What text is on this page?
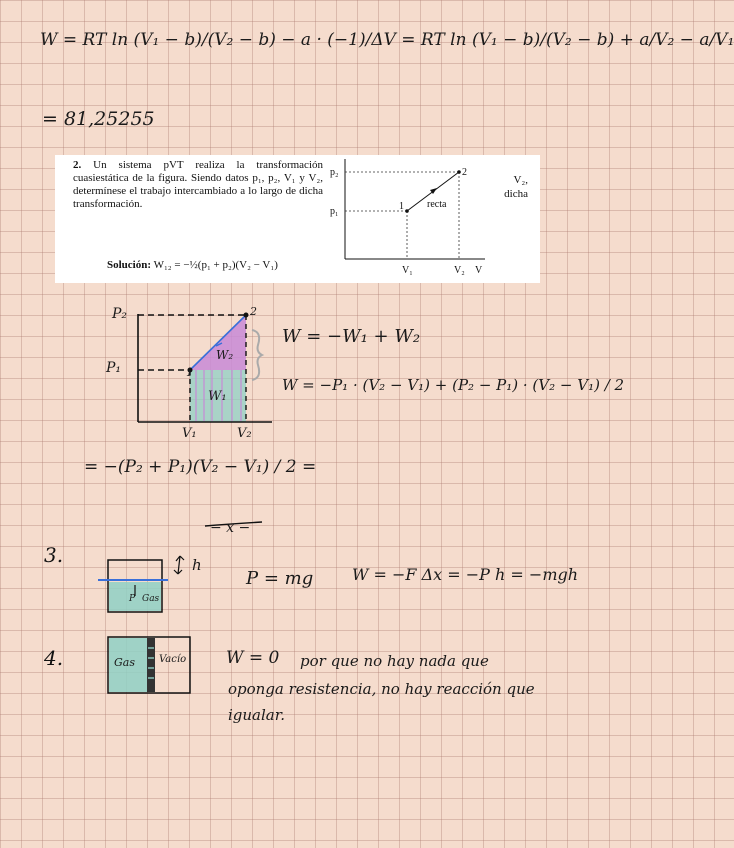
W = RT ln (V₁ − b)/(V₂ − b) − a · (−1)/ΔV = RT ln (V₁ − b)/(V₂ − b) + a/V₂ − a/V₁
= 81,25255
2. Un sistema pVT realiza la transformación cuasiestática de la figura. Siendo datos p₁, p₂, V₁ y V₂, determínese el trabajo intercambiado a lo largo de dicha transformación.
V₂,
dicha
Solución: W₁₂ = −½(p₁ + p₂)(V₂ − V₁)
p₂
p₁	1
2
recta
V₁	V₂ V
P₂
P₁	1
2
W₂
W₁
V₁	V₂
W = −W₁ + W₂
W = −P₁ · (V₂ − V₁) + (P₂ − P₁) · (V₂ − V₁) / 2
= −(P₂ + P₁)(V₂ − V₁) / 2 =
− x −
3.	h
P Gas
P = mg W = −F Δx = −P h = −mgh
4.	Gas Vacío W = 0 por que no hay nada que
oponga resistencia, no hay reacción que
igualar.
